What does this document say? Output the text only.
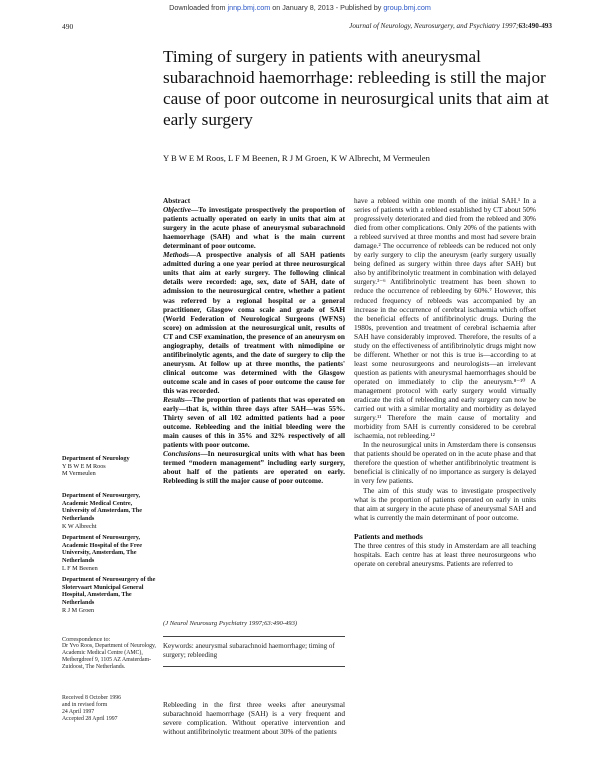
Downloaded from jnnp.bmj.com on January 8, 2013 - Published by group.bmj.com
490	Journal of Neurology, Neurosurgery, and Psychiatry 1997;63:490-493
Timing of surgery in patients with aneurysmal subarachnoid haemorrhage: rebleeding is still the major cause of poor outcome in neurosurgical units that aim at early surgery
Y B W E M Roos, L F M Beenen, R J M Groen, K W Albrecht, M Vermeulen
Department of Neurology
Y B W E M Roos
M Vermeulen
Department of Neurosurgery, Academic Medical Centre, University of Amsterdam, The Netherlands
K W Albrecht
Department of Neurosurgery, Academic Hospital of the Free University, Amsterdam, The Netherlands
L F M Beenen
Department of Neurosurgery of the Slotervaart Municipal General Hospital, Amsterdam, The Netherlands
R J M Groen
Correspondence to:
Dr Yvo Roos, Department of Neurology, Academic Medical Centre (AMC), Meibergdreef 9, 1105 AZ Amsterdam-Zuidoost, The Netherlands.
Received 8 October 1996
and in revised form
24 April 1997
Accepted 28 April 1997
Abstract
Objective—To investigate prospectively the proportion of patients actually operated on early in units that aim at surgery in the acute phase of aneurysmal subarachnoid haemorrhage (SAH) and what is the main current determinant of poor outcome.
Methods—A prospective analysis of all SAH patients admitted during a one year period at three neurosurgical units that aim at early surgery. The following clinical details were recorded: age, sex, date of SAH, date of admission to the neurosurgical centre, whether a patient was referred by a regional hospital or a general practitioner, Glasgow coma scale and grade of SAH (World Federation of Neurological Surgeons (WFNS) score) on admission at the neurosurgical unit, results of CT and CSF examination, the presence of an aneurysm on angiography, details of treatment with nimodipine or antifibrinolytic agents, and the date of surgery to clip the aneurysm. At follow up at three months, the patients' clinical outcome was determined with the Glasgow outcome scale and in cases of poor outcome the cause for this was recorded.
Results—The proportion of patients that was operated on early—that is, within three days after SAH—was 55%. Thirty seven of all 102 admitted patients had a poor outcome. Rebleeding and the initial bleeding were the main causes of this in 35% and 32% respectively of all patients with poor outcome.
Conclusions—In neurosurgical units with what has been termed “modern management” including early surgery, about half of the patients are operated on early. Rebleeding is still the major cause of poor outcome.
(J Neurol Neurosurg Psychiatry 1997;63:490-493)
Keywords: aneurysmal subarachnoid haemorrhage; timing of surgery; rebleeding
Rebleeding in the first three weeks after aneurysmal subarachnoid haemorrhage (SAH) is a very frequent and severe complication. Without operative intervention and without antifibrinolytic treatment about 30% of the patients

have a rebleed within one month of the initial SAH.¹ In a series of patients with a rebleed established by CT about 50% progressively deteriorated and died from the rebleed and 30% died from other complications. Only 20% of the patients with a rebleed survived at three months and most had severe brain damage.² The occurrence of rebleeds can be reduced not only by early surgery to clip the aneurysm (early surgery usually being defined as surgery within three days after SAH) but also by antifibrinolytic treatment in combination with delayed surgery.³⁻⁶ Antifibrinolytic treatment has been shown to reduce the occurrence of rebleeding by 60%.⁷ However, this reduced frequency of rebleeds was accompanied by an increase in the occurrence of cerebral ischaemia which offset the beneficial effects of antifibrinolytic drugs. During the 1980s, prevention and treatment of cerebral ischaemia after SAH have considerably improved. Therefore, the results of a study on the effectiveness of antifibrinolytic drugs might now be different. Whether or not this is true is—according to at least some neurosurgeons and neurologists—an irrelevant question as patients with aneurysmal haemorrhages should be operated on immediately to clip the aneurysm.⁸⁻¹⁰ A management protocol with early surgery would virtually eradicate the risk of rebleeding and early surgery can now be carried out with a similar mortality and morbidity as delayed surgery.¹¹ Therefore the main cause of mortality and morbidity from SAH is currently considered to be cerebral ischaemia, not rebleeding.¹²

In the neurosurgical units in Amsterdam there is consensus that patients should be operated on in the acute phase and that therefore the question of whether antifibrinolytic treatment is beneficial is clinically of no importance as surgery is delayed in very few patients.

The aim of this study was to investigate prospectively what is the proportion of patients operated on early in units that aim at surgery in the acute phase of aneurysmal SAH and what is currently the main determinant of poor outcome.

Patients and methods

The three centres of this study in Amsterdam are all teaching hospitals. Each centre has at least three neurosurgeons who operate on cerebral aneurysms. Patients are referred to
